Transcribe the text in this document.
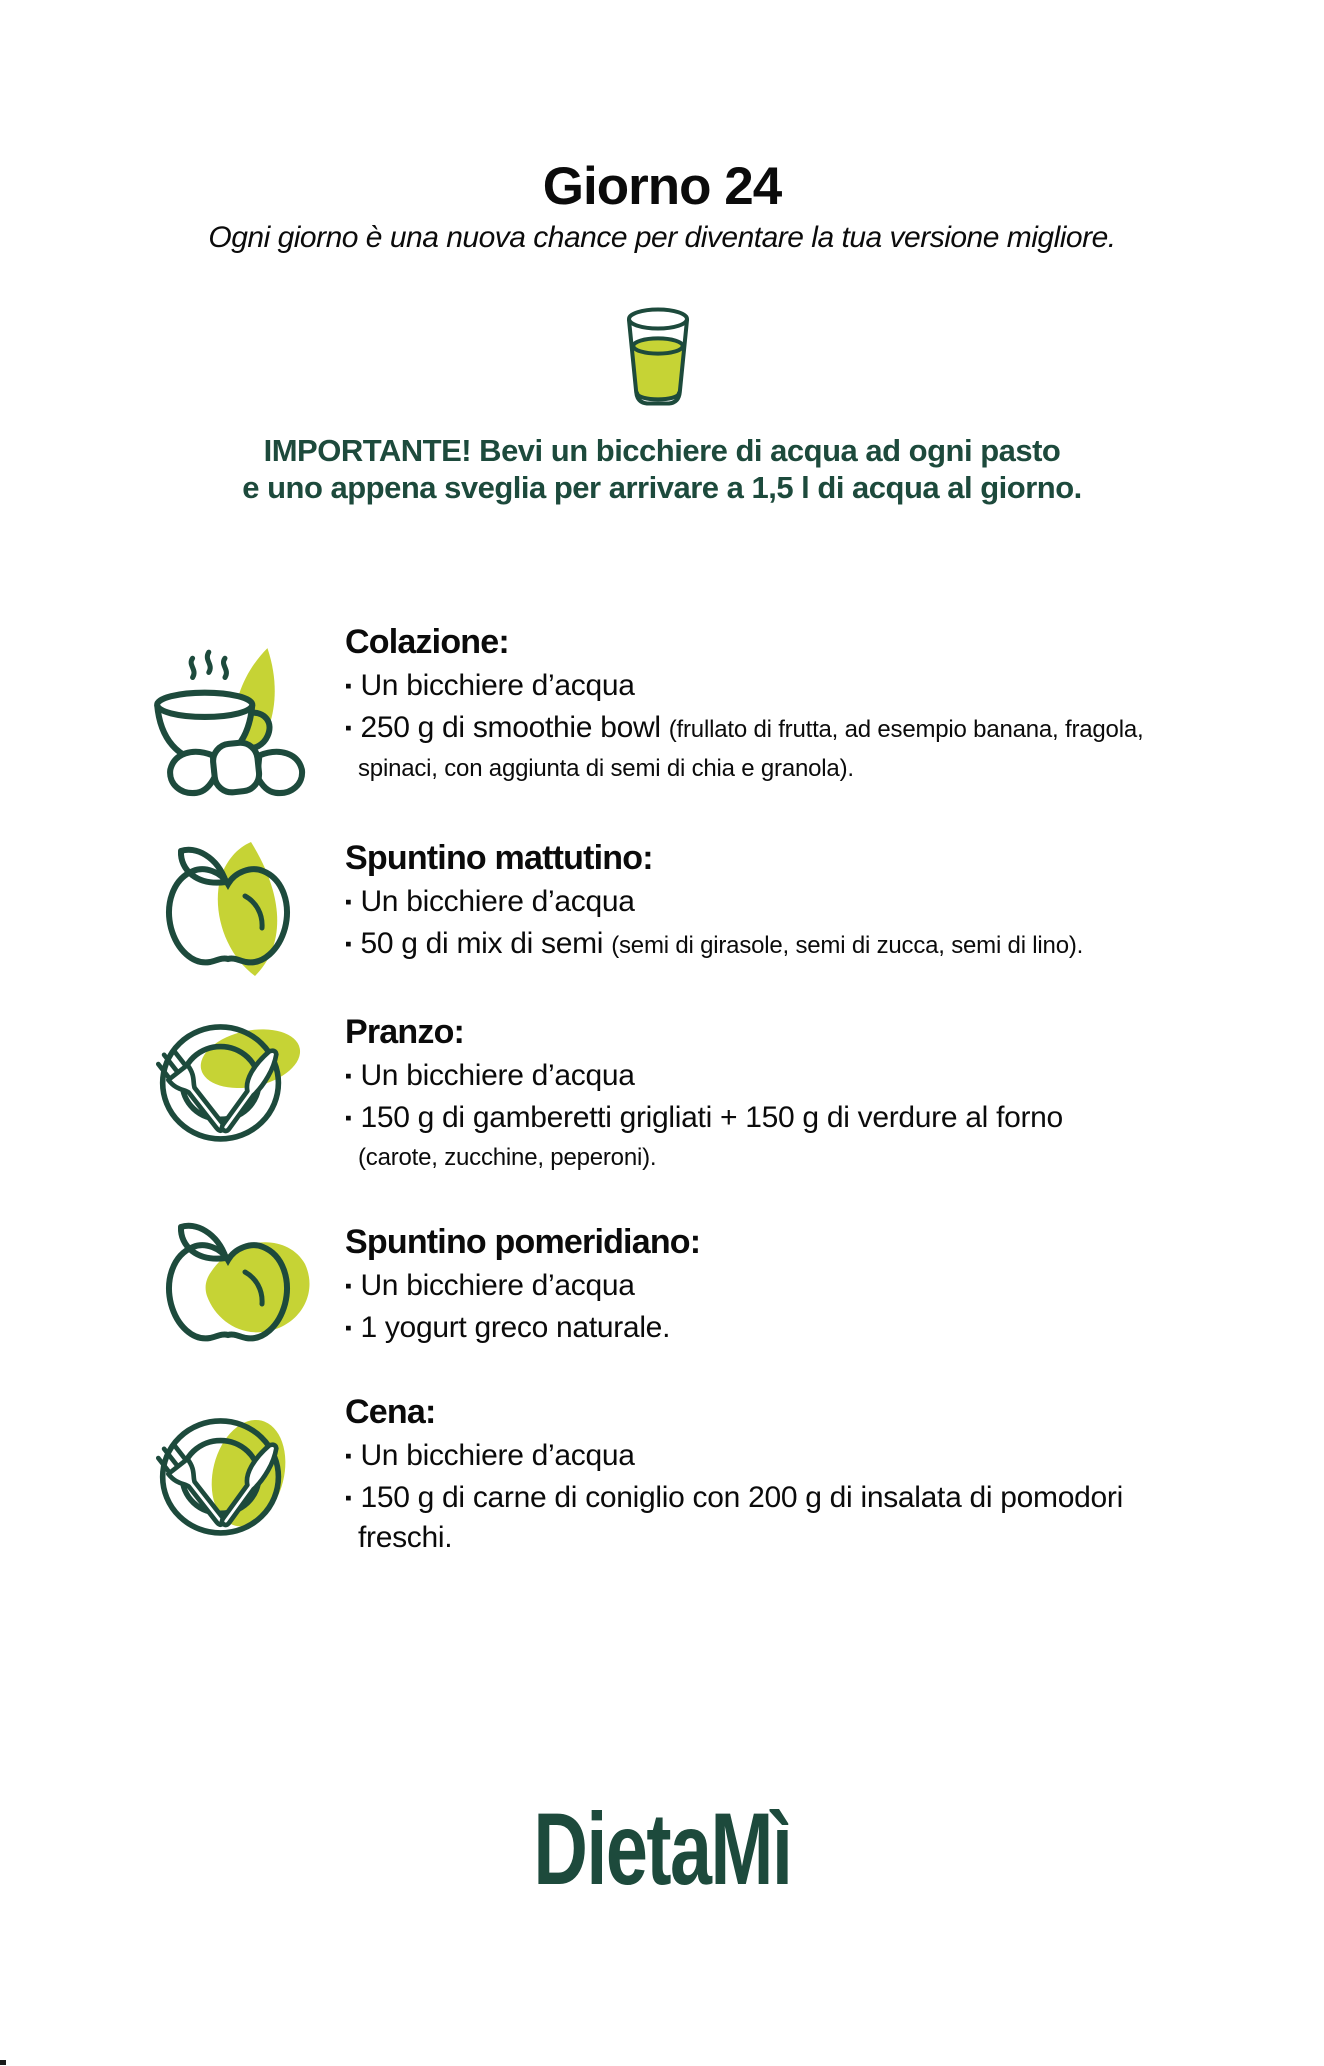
Giorno 24
Ogni giorno è una nuova chance per diventare la tua versione migliore.
IMPORTANTE! Bevi un bicchiere di acqua ad ogni pasto
e uno appena sveglia per arrivare a 1,5 l di acqua al giorno.
Colazione:
▪ Un bicchiere d’acqua
▪ 250 g di smoothie bowl (frullato di frutta, ad esempio banana, fragola,
spinaci, con aggiunta di semi di chia e granola).
Spuntino mattutino:
▪ Un bicchiere d’acqua
▪ 50 g di mix di semi (semi di girasole, semi di zucca, semi di lino).
Pranzo:
▪ Un bicchiere d’acqua
▪ 150 g di gamberetti grigliati + 150 g di verdure al forno
(carote, zucchine, peperoni).
Spuntino pomeridiano:
▪ Un bicchiere d’acqua
▪ 1 yogurt greco naturale.
Cena:
▪ Un bicchiere d’acqua
▪ 150 g di carne di coniglio con 200 g di insalata di pomodori
freschi.
DietaMì
